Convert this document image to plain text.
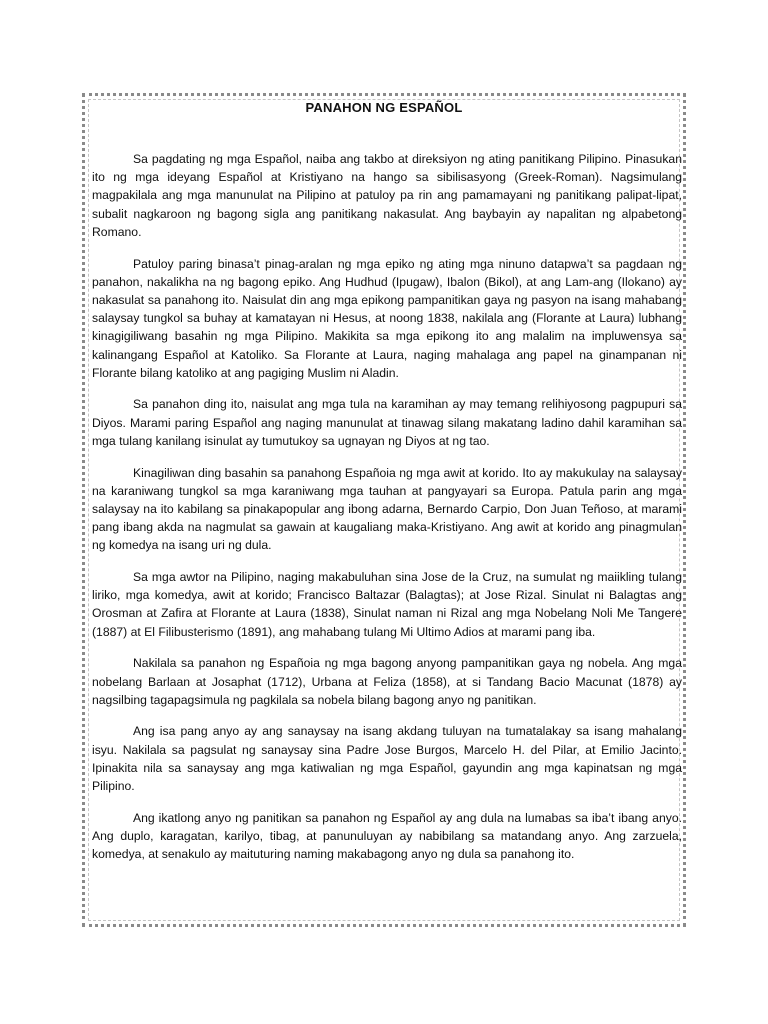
PANAHON NG ESPAÑOL

Sa pagdating ng mga Español, naiba ang takbo at direksiyon ng ating panitikang Pilipino. Pinasukan ito ng mga ideyang Español at Kristiyano na hango sa sibilisasyong (Greek-Roman). Nagsimulang magpakilala ang mga manunulat na Pilipino at patuloy pa rin ang pamamayani ng panitikang palipat-lipat, subalit nagkaroon ng bagong sigla ang panitikang nakasulat. Ang baybayin ay napalitan ng alpabetong Romano.

Patuloy paring binasa’t pinag-aralan ng mga epiko ng ating mga ninuno datapwa’t sa pagdaan ng panahon, nakalikha na ng bagong epiko. Ang Hudhud (Ipugaw), Ibalon (Bikol), at ang Lam-ang (Ilokano) ay nakasulat sa panahong ito. Naisulat din ang mga epikong pampanitikan gaya ng pasyon na isang mahabang salaysay tungkol sa buhay at kamatayan ni Hesus, at noong 1838, nakilala ang (Florante at Laura) lubhang kinagigiliwang basahin ng mga Pilipino. Makikita sa mga epikong ito ang malalim na impluwensya sa kalinangang Español at Katoliko. Sa Florante at Laura, naging mahalaga ang papel na ginampanan ni Florante bilang katoliko at ang pagiging Muslim ni Aladin.

Sa panahon ding ito, naisulat ang mga tula na karamihan ay may temang relihiyosong pagpupuri sa Diyos. Marami paring Español ang naging manunulat at tinawag silang makatang ladino dahil karamihan sa mga tulang kanilang isinulat ay tumutukoy sa ugnayan ng Diyos at ng tao.

Kinagiliwan ding basahin sa panahong Españoia ng mga awit at korido. Ito ay makukulay na salaysay na karaniwang tungkol sa mga karaniwang mga tauhan at pangyayari sa Europa. Patula parin ang mga salaysay na ito kabilang sa pinakapopular ang ibong adarna, Bernardo Carpio, Don Juan Teñoso, at marami pang ibang akda na nagmulat sa gawain at kaugaliang maka-Kristiyano. Ang awit at korido ang pinagmulan ng komedya na isang uri ng dula.

Sa mga awtor na Pilipino, naging makabuluhan sina Jose de la Cruz, na sumulat ng maiikling tulang liriko, mga komedya, awit at korido; Francisco Baltazar (Balagtas); at Jose Rizal. Sinulat ni Balagtas ang Orosman at Zafira at Florante at Laura (1838), Sinulat naman ni Rizal ang mga Nobelang Noli Me Tangere (1887) at El Filibusterismo (1891), ang mahabang tulang Mi Ultimo Adios at marami pang iba.

Nakilala sa panahon ng Españoia ng mga bagong anyong pampanitikan gaya ng nobela. Ang mga nobelang Barlaan at Josaphat (1712), Urbana at Feliza (1858), at si Tandang Bacio Macunat (1878) ay nagsilbing tagapagsimula ng pagkilala sa nobela bilang bagong anyo ng panitikan.

Ang isa pang anyo ay ang sanaysay na isang akdang tuluyan na tumatalakay sa isang mahalang isyu. Nakilala sa pagsulat ng sanaysay sina Padre Jose Burgos, Marcelo H. del Pilar, at Emilio Jacinto. Ipinakita nila sa sanaysay ang mga katiwalian ng mga Español, gayundin ang mga kapinatsan ng mga Pilipino.

Ang ikatlong anyo ng panitikan sa panahon ng Español ay ang dula na lumabas sa iba’t ibang anyo. Ang duplo, karagatan, karilyo, tibag, at panunuluyan ay nabibilang sa matandang anyo. Ang zarzuela, komedya, at senakulo ay maituturing naming makabagong anyo ng dula sa panahong ito.
